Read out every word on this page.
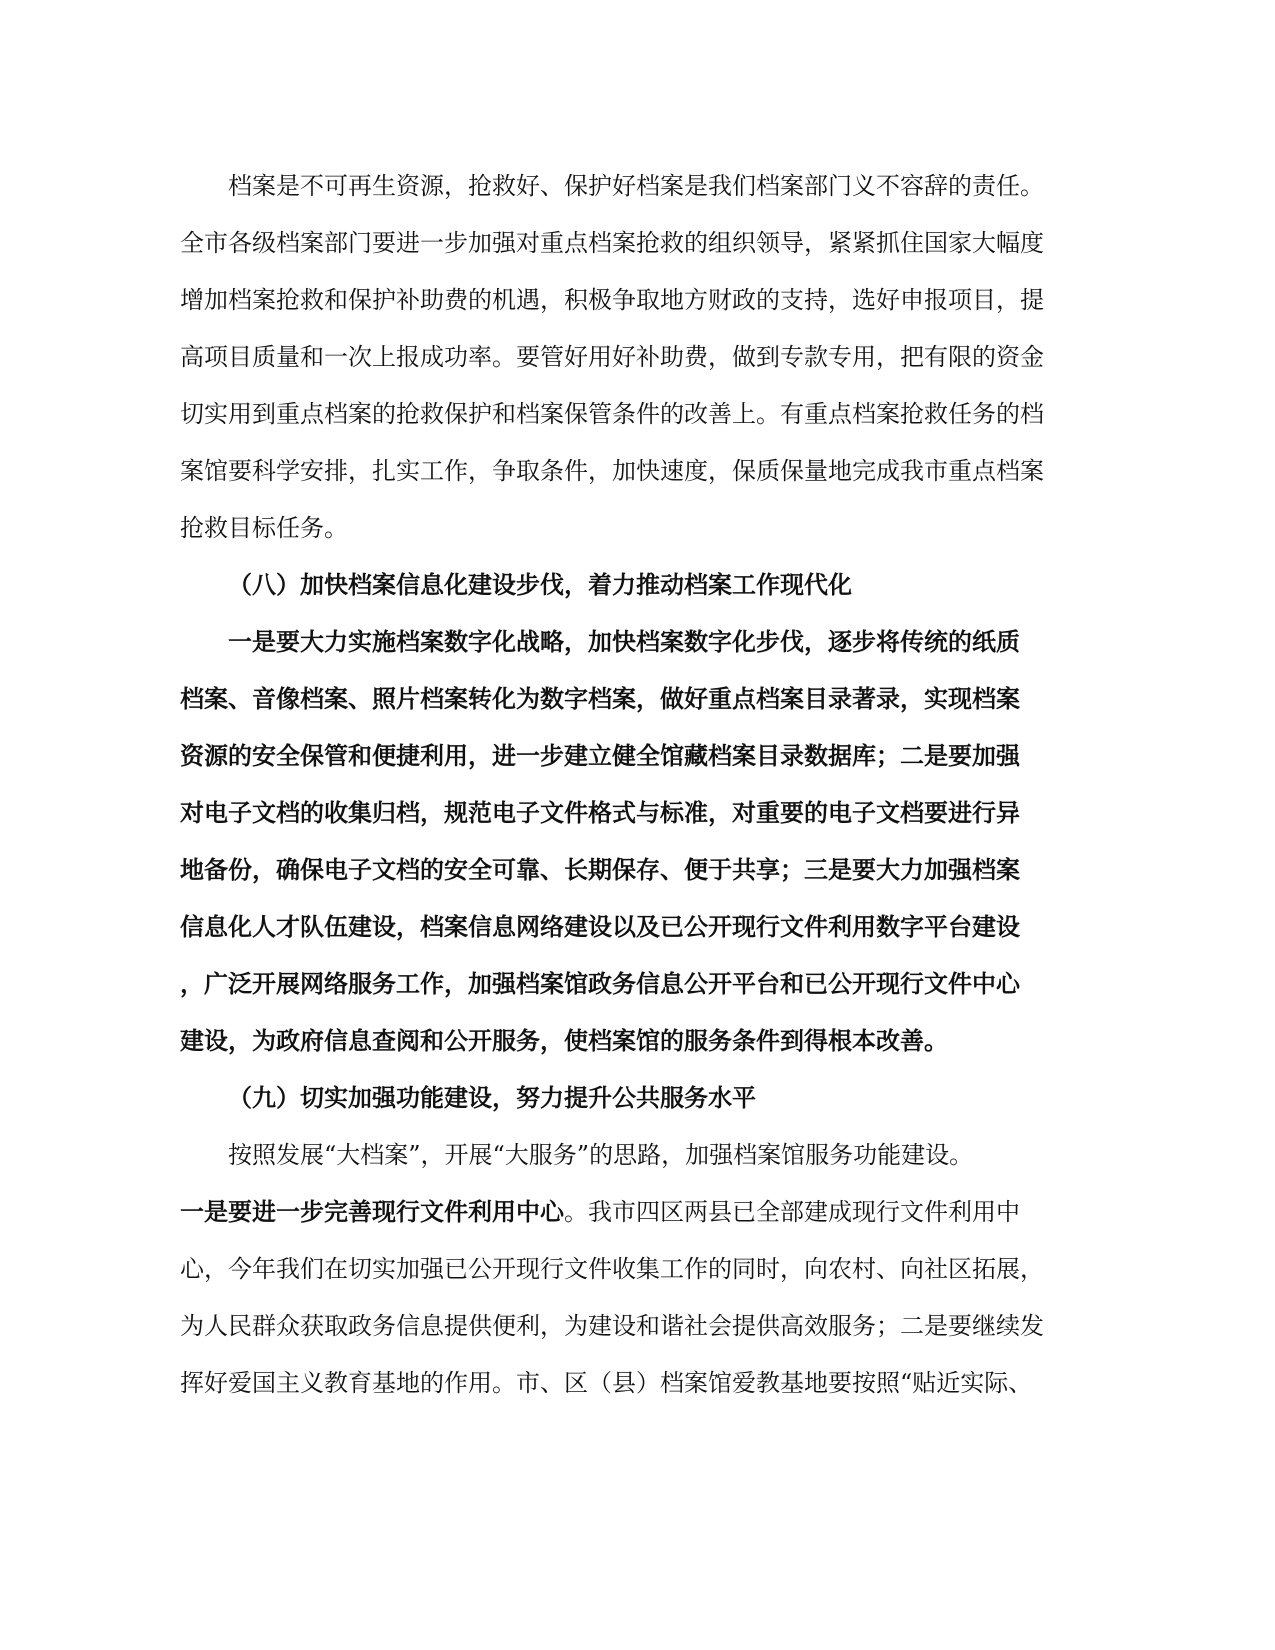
档案是不可再生资源，抢救好、保护好档案是我们档案部门义不容辞的责任。
全市各级档案部门要进一步加强对重点档案抢救的组织领导，紧紧抓住国家大幅度
增加档案抢救和保护补助费的机遇，积极争取地方财政的支持，选好申报项目，提
高项目质量和一次上报成功率。要管好用好补助费，做到专款专用，把有限的资金
切实用到重点档案的抢救保护和档案保管条件的改善上。有重点档案抢救任务的档
案馆要科学安排，扎实工作，争取条件，加快速度，保质保量地完成我市重点档案
抢救目标任务。
（八）加快档案信息化建设步伐，着力推动档案工作现代化
一是要大力实施档案数字化战略，加快档案数字化步伐，逐步将传统的纸质
档案、音像档案、照片档案转化为数字档案，做好重点档案目录著录，实现档案
资源的安全保管和便捷利用，进一步建立健全馆藏档案目录数据库；二是要加强
对电子文档的收集归档，规范电子文件格式与标准，对重要的电子文档要进行异
地备份，确保电子文档的安全可靠、长期保存、便于共享；三是要大力加强档案
信息化人才队伍建设，档案信息网络建设以及已公开现行文件利用数字平台建设
，广泛开展网络服务工作，加强档案馆政务信息公开平台和已公开现行文件中心
建设，为政府信息查阅和公开服务，使档案馆的服务条件到得根本改善。
（九）切实加强功能建设，努力提升公共服务水平
按照发展“大档案”，开展“大服务”的思路，加强档案馆服务功能建设。
一是要进一步完善现行文件利用中心。我市四区两县已全部建成现行文件利用中
心，今年我们在切实加强已公开现行文件收集工作的同时，向农村、向社区拓展，
为人民群众获取政务信息提供便利，为建设和谐社会提供高效服务；二是要继续发
挥好爱国主义教育基地的作用。市、区（县）档案馆爱教基地要按照“贴近实际、
